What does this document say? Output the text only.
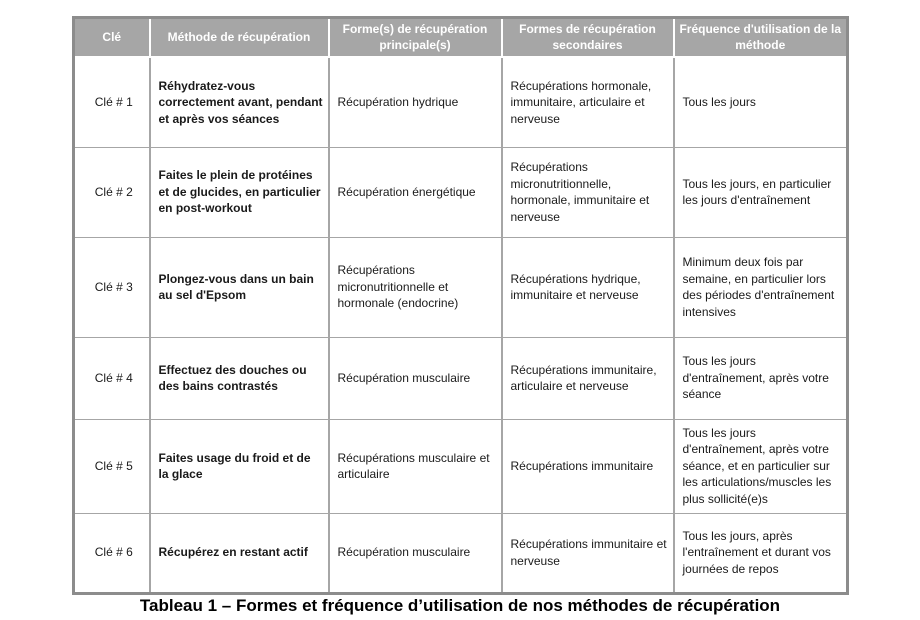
Clé	Méthode de récupération	Forme(s) de récupération principale(s)	Formes de récupération secondaires	Fréquence d'utilisation de la méthode
Clé # 1	Réhydratez-vous correctement avant, pendant et après vos séances	Récupération hydrique	Récupérations hormonale, immunitaire, articulaire et nerveuse	Tous les jours
Clé # 2	Faites le plein de protéines et de glucides, en particulier en post-workout	Récupération énergétique	Récupérations micronutritionnelle, hormonale, immunitaire et nerveuse	Tous les jours, en particulier les jours d'entraînement
Clé # 3	Plongez-vous dans un bain au sel d'Epsom	Récupérations micronutritionnelle et hormonale (endocrine)	Récupérations hydrique, immunitaire et nerveuse	Minimum deux fois par semaine, en particulier lors des périodes d'entraînement intensives
Clé # 4	Effectuez des douches ou des bains contrastés	Récupération musculaire	Récupérations immunitaire, articulaire et nerveuse	Tous les jours d'entraînement, après votre séance
Clé # 5	Faites usage du froid et de la glace	Récupérations musculaire et articulaire	Récupérations immunitaire	Tous les jours d'entraînement, après votre séance, et en particulier sur les articulations/muscles les plus sollicité(e)s
Clé # 6	Récupérez en restant actif	Récupération musculaire	Récupérations immunitaire et nerveuse	Tous les jours, après l'entraînement et durant vos journées de repos
Tableau 1 – Formes et fréquence d’utilisation de nos méthodes de récupération
